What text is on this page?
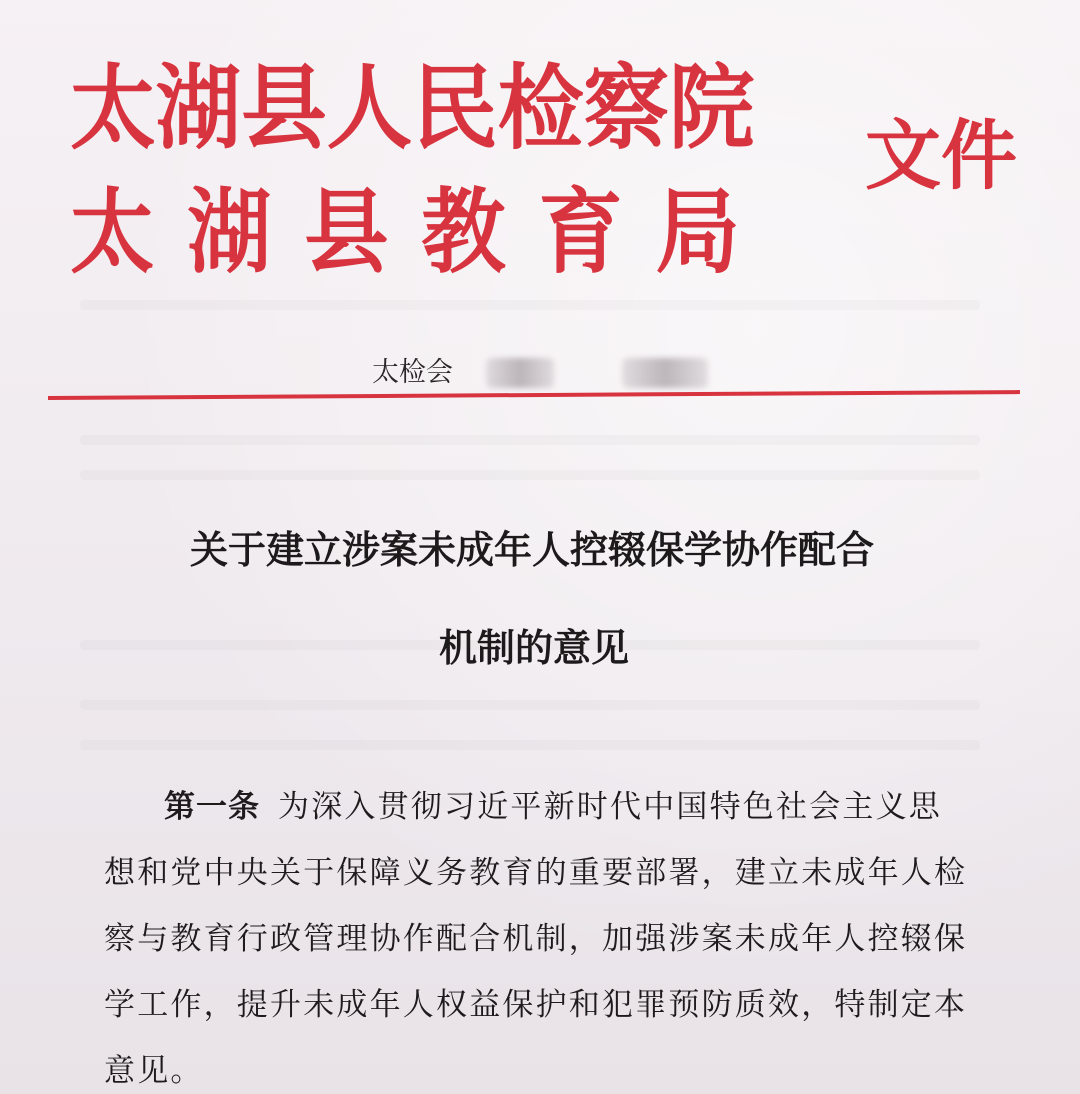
太湖县人民检察院
太湖县教育局
文件
太检会
关于建立涉案未成年人控辍保学协作配合
机制的意见
第一条 为深入贯彻习近平新时代中国特色社会主义思
想和党中央关于保障义务教育的重要部署，建立未成年人检
察与教育行政管理协作配合机制，加强涉案未成年人控辍保
学工作，提升未成年人权益保护和犯罪预防质效，特制定本
意见。
